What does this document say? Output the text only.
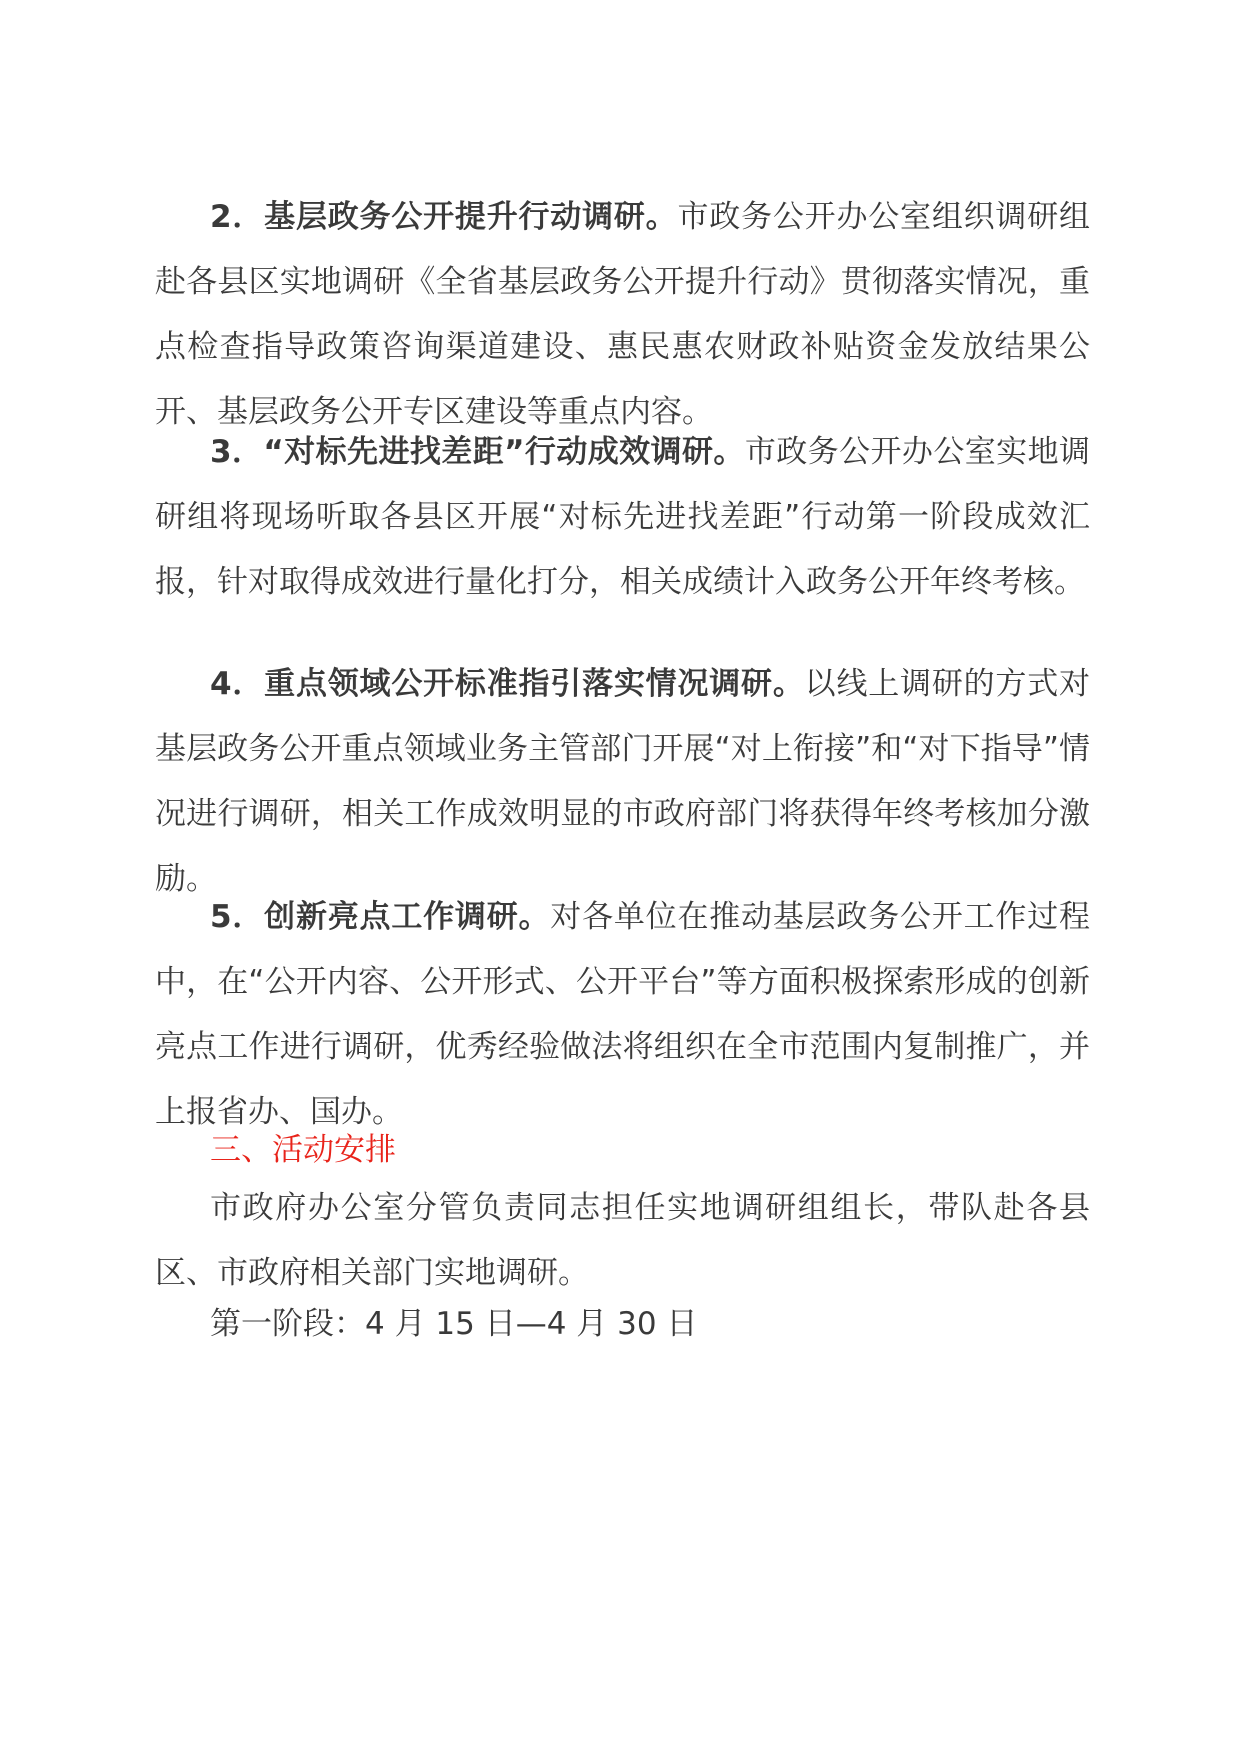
2．基层政务公开提升行动调研。市政务公开办公室组织调研组赴各县区实地调研《全省基层政务公开提升行动》贯彻落实情况，重点检查指导政策咨询渠道建设、惠民惠农财政补贴资金发放结果公开、基层政务公开专区建设等重点内容。

3．“对标先进找差距”行动成效调研。市政务公开办公室实地调研组将现场听取各县区开展“对标先进找差距”行动第一阶段成效汇报，针对取得成效进行量化打分，相关成绩计入政务公开年终考核。

4．重点领域公开标准指引落实情况调研。以线上调研的方式对基层政务公开重点领域业务主管部门开展“对上衔接”和“对下指导”情况进行调研，相关工作成效明显的市政府部门将获得年终考核加分激励。

5．创新亮点工作调研。对各单位在推动基层政务公开工作过程中，在“公开内容、公开形式、公开平台”等方面积极探索形成的创新亮点工作进行调研，优秀经验做法将组织在全市范围内复制推广，并上报省办、国办。

三、活动安排

市政府办公室分管负责同志担任实地调研组组长，带队赴各县区、市政府相关部门实地调研。

第一阶段：4 月 15 日—4 月 30 日
